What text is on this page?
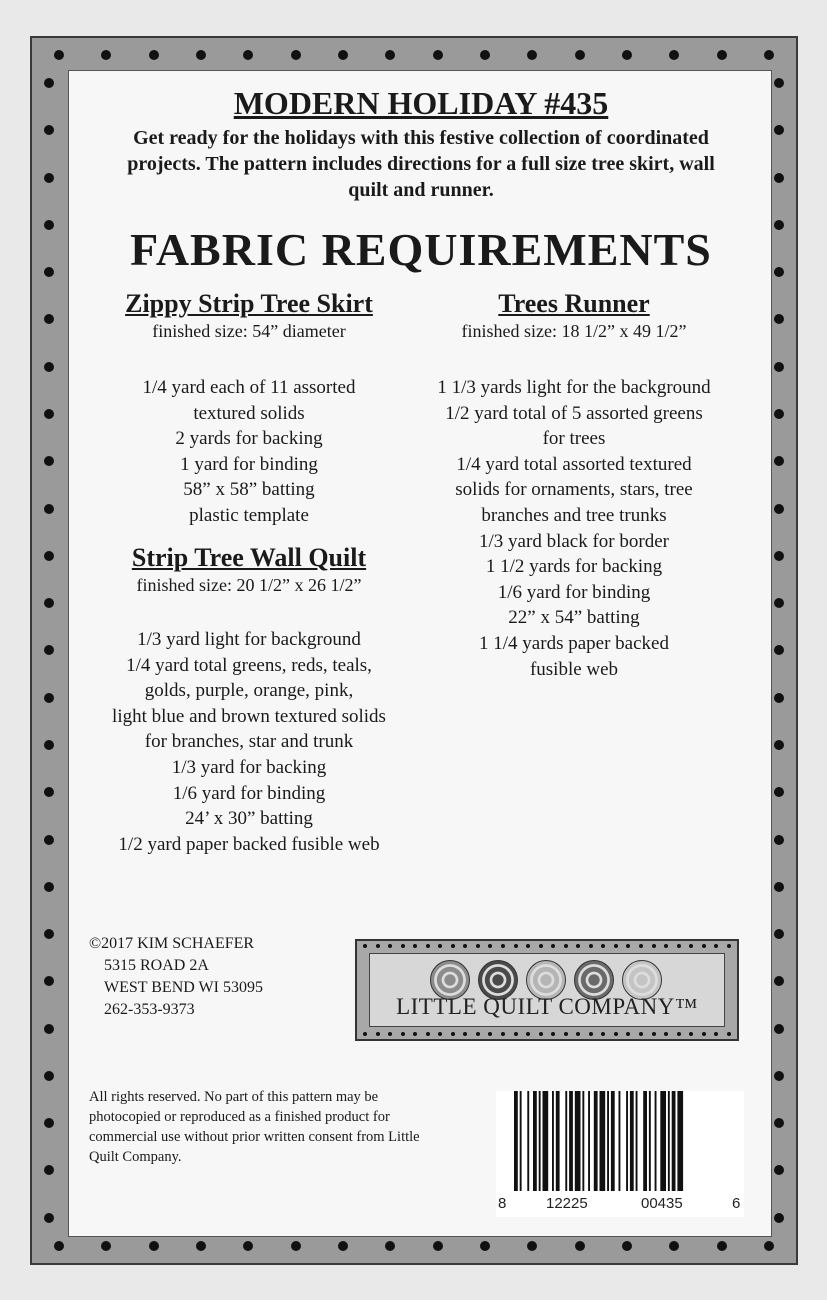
MODERN HOLIDAY #435
Get ready for the holidays with this festive collection of coordinated projects. The pattern includes directions for a full size tree skirt, wall quilt and runner.
FABRIC REQUIREMENTS
Zippy Strip Tree Skirt
finished size: 54” diameter
1/4 yard each of 11 assorted
textured solids
2 yards for backing
1 yard for binding
58” x 58” batting
plastic template
Strip Tree Wall Quilt
finished size: 20 1/2” x 26 1/2”
1/3 yard light for background
1/4 yard total greens, reds, teals,
golds, purple, orange, pink,
light blue and brown textured solids
for branches, star and trunk
1/3 yard for backing
1/6 yard for binding
24’ x 30” batting
1/2 yard paper backed fusible web
Trees Runner
finished size: 18 1/2” x 49 1/2”
1 1/3 yards light for the background
1/2 yard total of 5 assorted greens
for trees
1/4 yard total assorted textured
solids for ornaments, stars, tree
branches and tree trunks
1/3 yard black for border
1 1/2 yards for backing
1/6 yard for binding
22” x 54” batting
1 1/4 yards paper backed
fusible web
©2017 KIM SCHAEFER
5315 ROAD 2A
WEST BEND WI 53095
262-353-9373	LITTLE QUILT COMPANY™
All rights reserved. No part of this pattern may be photocopied or reproduced as a finished product for commercial use without prior written consent from Little Quilt Company.
8	12225	00435	6
